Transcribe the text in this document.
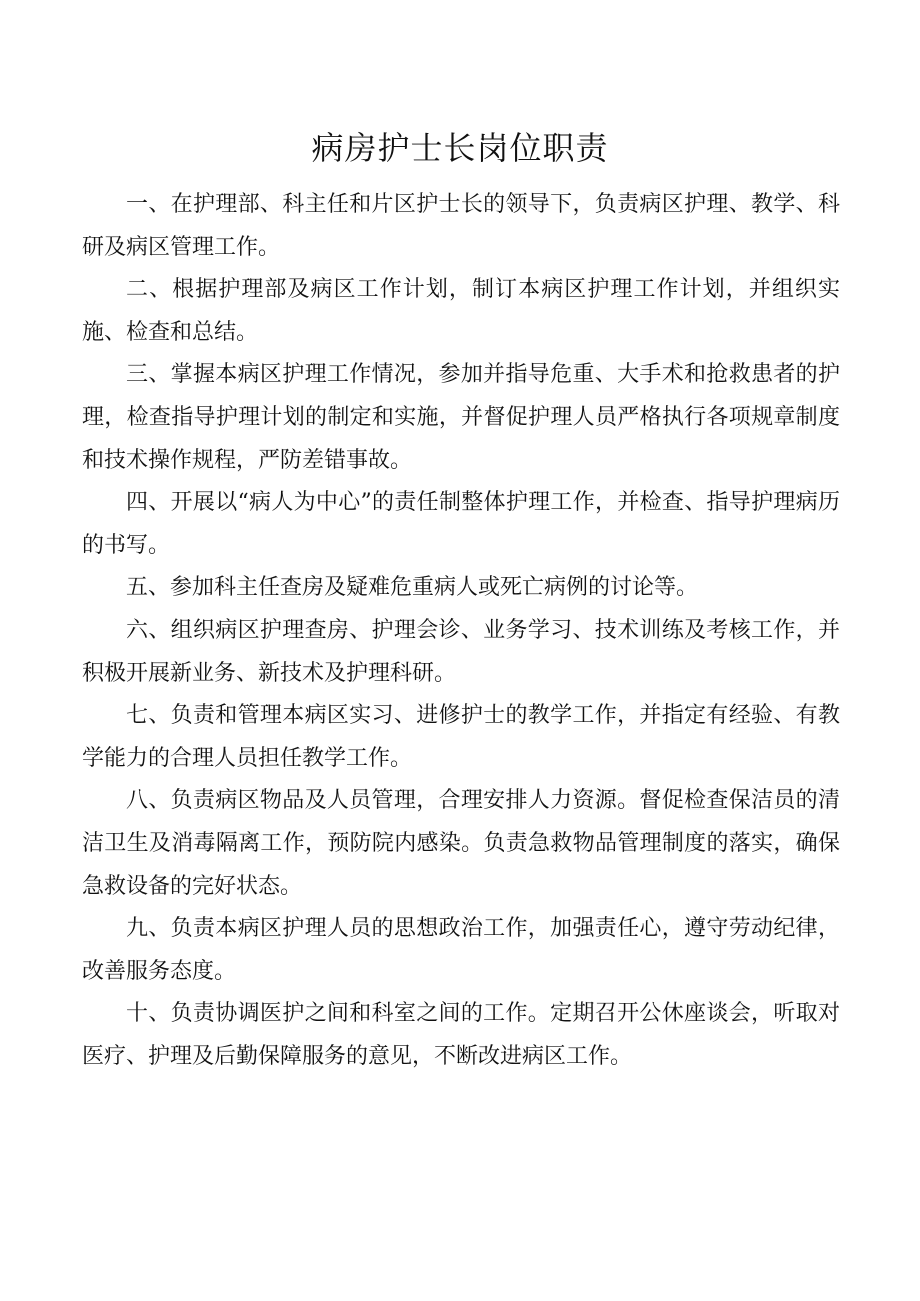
病房护士长岗位职责

一、在护理部、科主任和片区护士长的领导下，负责病区护理、教学、科研及病区管理工作。

二、根据护理部及病区工作计划，制订本病区护理工作计划，并组织实施、检查和总结。

三、掌握本病区护理工作情况，参加并指导危重、大手术和抢救患者的护理，检查指导护理计划的制定和实施，并督促护理人员严格执行各项规章制度和技术操作规程，严防差错事故。

四、开展以“病人为中心”的责任制整体护理工作，并检查、指导护理病历的书写。

五、参加科主任查房及疑难危重病人或死亡病例的讨论等。

六、组织病区护理查房、护理会诊、业务学习、技术训练及考核工作，并积极开展新业务、新技术及护理科研。

七、负责和管理本病区实习、进修护士的教学工作，并指定有经验、有教学能力的合理人员担任教学工作。

八、负责病区物品及人员管理，合理安排人力资源。督促检查保洁员的清洁卫生及消毒隔离工作，预防院内感染。负责急救物品管理制度的落实，确保急救设备的完好状态。

九、负责本病区护理人员的思想政治工作，加强责任心，遵守劳动纪律，改善服务态度。

十、负责协调医护之间和科室之间的工作。定期召开公休座谈会，听取对医疗、护理及后勤保障服务的意见，不断改进病区工作。
